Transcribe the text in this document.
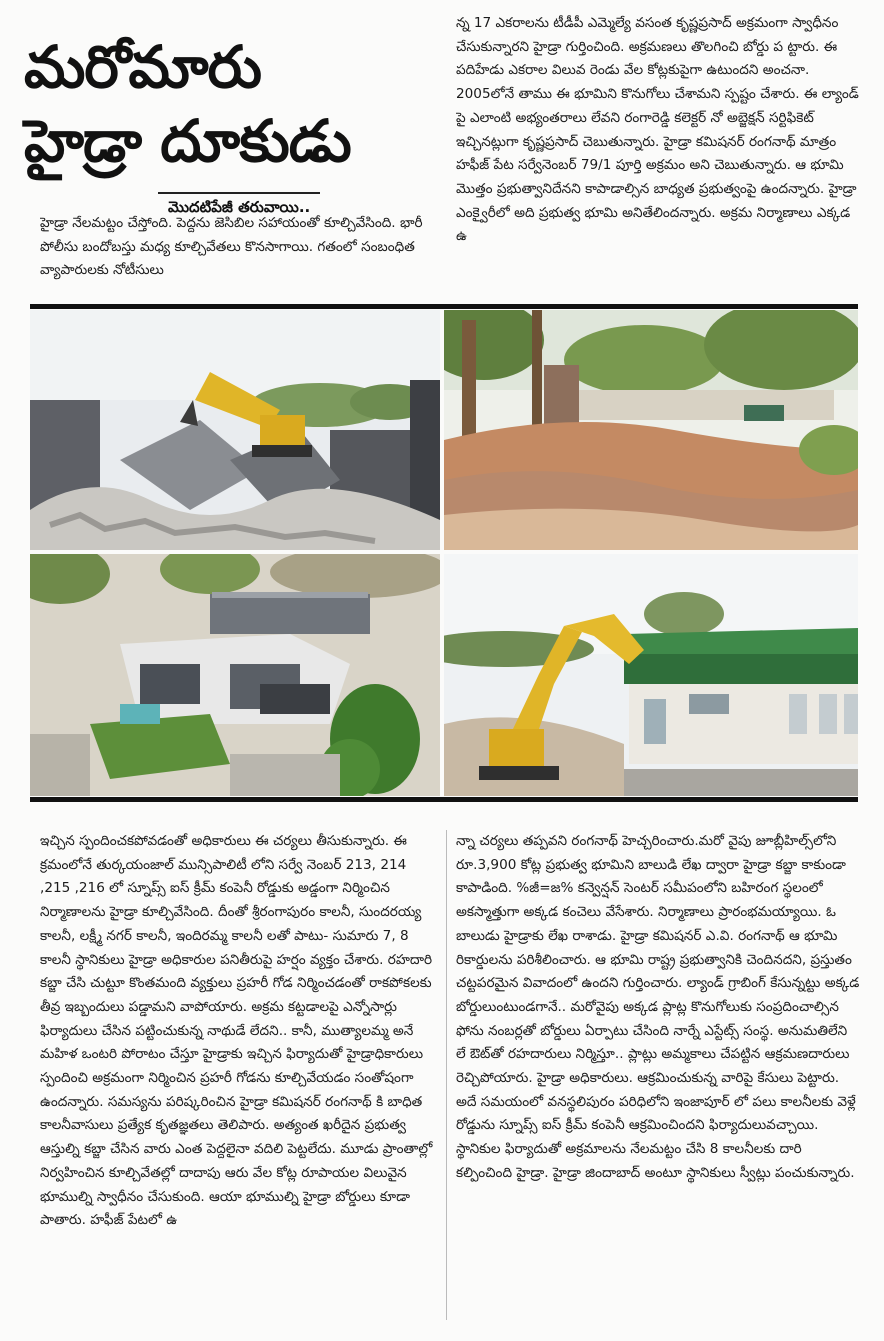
మరోమారు
హైడ్రా దూకుడు
మొదటిపేజీ తరువాయి..
హైడ్రా నేలమట్టం చేస్తోంది. పెద్దను జెసిబిల సహాయంతో కూల్చివేసింది. భారీ పోలీసు బందోబస్తు మధ్య కూల్చివేతలు కొనసాగాయి. గతంలో సంబంధిత వ్యాపారులకు నోటీసులు
న్న 17 ఎకరాలను టీడీపీ ఎమ్మెల్యే వసంత కృష్ణప్రసాద్ అక్రమంగా స్వాధీనం చేసుకున్నారని హైడ్రా గుర్తించింది. అక్రమణలు తొలగించి బోర్డు ప ట్టారు. ఈ పదిహేడు ఎకరాల విలువ రెండు వేల కోట్లకుపైగా ఉటుందని అంచనా. 2005లోనే తాము ఈ భూమిని కొనుగోలు చేశామని స్పష్టం చేశారు. ఈ ల్యాండ్ పై ఎలాంటి అభ్యంతరాలు లేవని రంగారెడ్డి కలెక్టర్ నో అబ్జెక్షన్ సర్టిఫికెట్ ఇచ్చినట్లుగా కృష్ణప్రసాద్ చెబుతున్నారు. హైడ్రా కమిషనర్ రంగనాథ్ మాత్రం హఫీజ్ పేట సర్వేనెంబర్ 79/1 పూర్తి అక్రమం అని చెబుతున్నారు. ఆ భూమి మొత్తం ప్రభుత్వానిదేనని కాపాడాల్సిన బాధ్యత ప్రభుత్వంపై ఉందన్నారు. హైడ్రా ఎంక్వైరీలో అది ప్రభుత్వ భూమి అనితేలిందన్నారు. అక్రమ నిర్మాణాలు ఎక్కడ ఉ
ఇచ్చిన స్పందించకపోవడంతో అధికారులు ఈ చర్యలు తీసుకున్నారు. ఈ క్రమంలోనే తుర్కయంజాల్ మున్సిపాలిటీ లోని సర్వే నెంబర్ 213, 214 ,215 ,216 లో స్నూప్స్ ఐస్ క్రీమ్ కంపెనీ రోడ్డుకు అడ్డంగా నిర్మించిన నిర్మాణాలను హైడ్రా కూల్చివేసింది. దీంతో శ్రీరంగాపురం కాలనీ, సుందరయ్య కాలనీ, లక్ష్మీ నగర్ కాలనీ, ఇందిరమ్మ కాలనీ లతో పాటు- సుమారు 7, 8 కాలనీ స్థానికులు హైడ్రా అధికారుల పనితీరుపై హర్షం వ్యక్తం చేశారు. రహదారి కబ్జా చేసి చుట్టూ కొంతమంది వ్యక్తులు ప్రహరీ గోడ నిర్మించడంతో రాకపోకలకు తీవ్ర ఇబ్బందులు పడ్డామని వాపోయారు. అక్రమ కట్టడాలపై ఎన్నోసార్లు ఫిర్యాదులు చేసిన పట్టించుకున్న నాథుడే లేదని.. కానీ, ముత్యాలమ్మ అనే మహిళ ఒంటరి పోరాటం చేస్తూ హైడ్రాకు ఇచ్చిన ఫిర్యాదుతో హైడ్రాధికారులు స్పందించి అక్రమంగా నిర్మించిన ప్రహరీ గోడను కూల్చివేయడం సంతోషంగా ఉందన్నారు. సమస్యను పరిష్కరించిన హైడ్రా కమిషనర్ రంగనాథ్ కి బాధిత కాలనీవాసులు ప్రత్యేక కృతజ్ఞతలు తెలిపారు. అత్యంత ఖరీదైన ప్రభుత్వ ఆస్తుల్ని కబ్జా చేసిన వారు ఎంత పెద్దలైనా వదిలి పెట్టలేదు. మూడు ప్రాంతాల్లో నిర్వహించిన కూల్చివేతల్లో దాదాపు ఆరు వేల కోట్ల రూపాయల విలువైన భూముల్ని స్వాధీనం చేసుకుంది. ఆయా భూముల్ని హైడ్రా బోర్డులు కూడా పాతారు. హఫీజ్ పేటలో ఉ
న్నా చర్యలు తప్పవని రంగనాథ్ హెచ్చరించారు.మరో వైపు జూబ్లీహిల్స్‌లోని రూ.3,900 కోట్ల ప్రభుత్వ భూమిని బాలుడి లేఖ ద్వారా హైడ్రా కబ్జా కాకుండా కాపాడింది. %జీ=జ% కన్వెన్షన్ సెంటర్ సమీపంలోని బహిరంగ స్థలంలో అకస్మాత్తుగా అక్కడ కంచెలు వేసేశారు. నిర్మాణాలు ప్రారంభమయ్యాయి. ఓ బాలుడు హైడ్రాకు లేఖ రాశాడు. హైడ్రా కమిషనర్ ఎ.వి. రంగనాథ్ ఆ భూమి రికార్డులను పరిశీలించారు. ఆ భూమి రాష్ట్ర ప్రభుత్వానికి చెందినదని, ప్రస్తుతం చట్టపరమైన వివాదంలో ఉందని గుర్తించారు. ల్యాండ్ గ్రాబింగ్ కేసున్నట్టు అక్కడ బోర్డులుంటుండగానే.. మరోవైపు అక్కడ ప్లాట్ల కొనుగోలుకు సంప్రదించాల్సిన ఫోను నంబర్లతో బోర్డులు ఏర్పాటు చేసింది నార్నే ఎస్టేట్స్ సంస్థ. అనుమతిలేని లే ఔట్‌తో రహదారులు నిర్మిస్తూ.. ప్లాట్లు అమ్మకాలు చేపట్టిన ఆక్రమణదారులు రెచ్చిపోయారు. హైడ్రా అధికారులు. ఆక్రమించుకున్న వారిపై కేసులు పెట్టారు. అదే సమయంలో వనస్థలిపురం పరిధిలోని ఇంజాపూర్ లో పలు కాలనీలకు వెళ్లే రోడ్డును స్నూప్స్ ఐస్ క్రీమ్ కంపెనీ ఆక్రమించిందని ఫిర్యాదులువచ్చాయి. స్థానికుల ఫిర్యాదుతో అక్రమాలను నేలమట్టం చేసి 8 కాలనీలకు దారి కల్పించింది హైడ్రా. హైడ్రా జిందాబాద్ అంటూ స్థానికులు స్వీట్లు పంచుకున్నారు.
